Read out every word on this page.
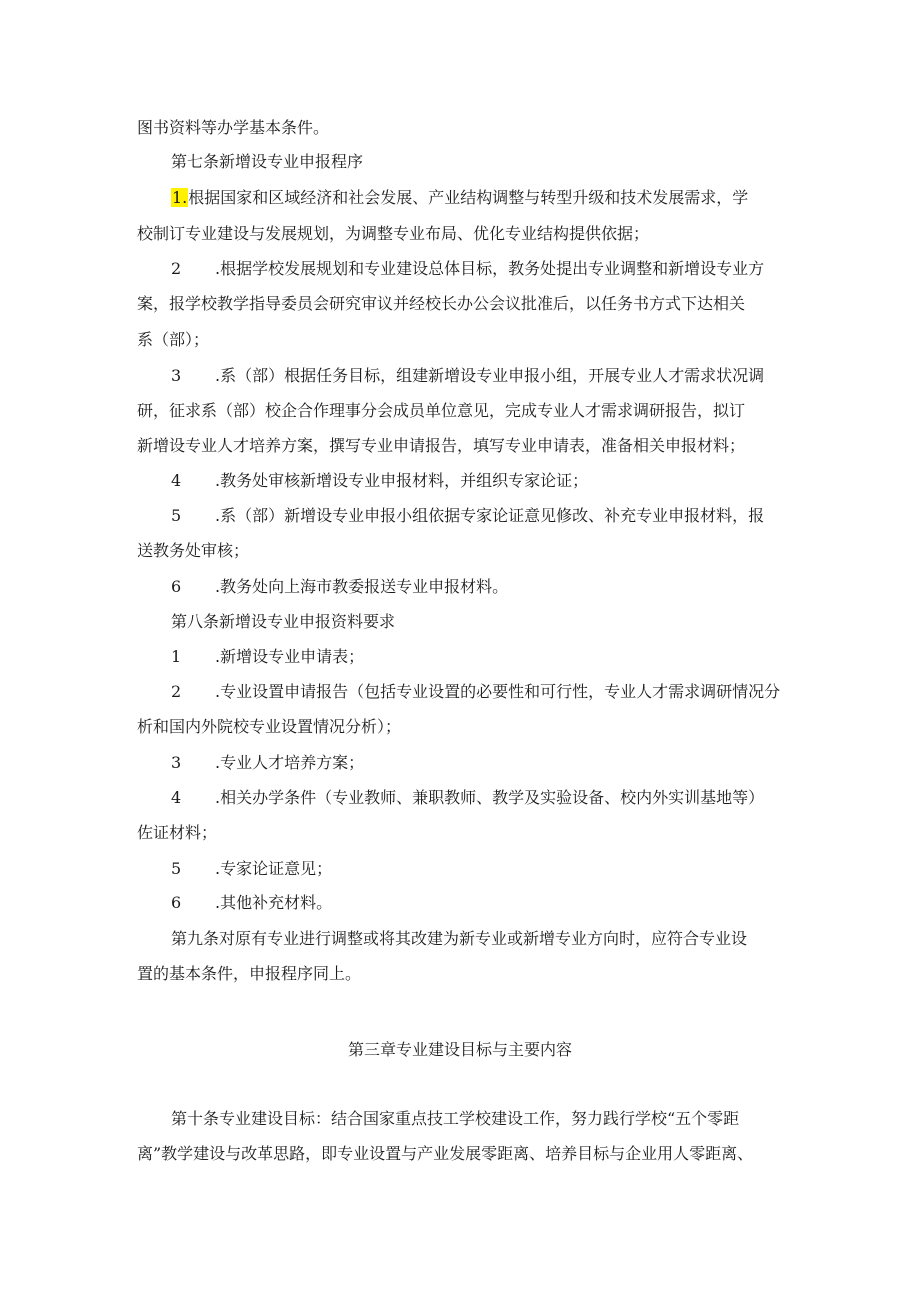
图书资料等办学基本条件。
第七条新增设专业申报程序
1.根据国家和区域经济和社会发展、产业结构调整与转型升级和技术发展需求，学
校制订专业建设与发展规划，为调整专业布局、优化专业结构提供依据；
2 .根据学校发展规划和专业建设总体目标，教务处提出专业调整和新增设专业方
案，报学校教学指导委员会研究审议并经校长办公会议批准后，以任务书方式下达相关
系（部）；
3 .系（部）根据任务目标，组建新增设专业申报小组，开展专业人才需求状况调
研，征求系（部）校企合作理事分会成员单位意见，完成专业人才需求调研报告，拟订
新增设专业人才培养方案，撰写专业申请报告，填写专业申请表，准备相关申报材料；
4 .教务处审核新增设专业申报材料，并组织专家论证；
5 .系（部）新增设专业申报小组依据专家论证意见修改、补充专业申报材料，报
送教务处审核；
6 .教务处向上海市教委报送专业申报材料。
第八条新增设专业申报资料要求
1 .新增设专业申请表；
2 .专业设置申请报告（包括专业设置的必要性和可行性，专业人才需求调研情况分
析和国内外院校专业设置情况分析）；
3 .专业人才培养方案；
4 .相关办学条件（专业教师、兼职教师、教学及实验设备、校内外实训基地等）
佐证材料；
5 .专家论证意见；
6 .其他补充材料。
第九条对原有专业进行调整或将其改建为新专业或新增专业方向时，应符合专业设
置的基本条件，申报程序同上。
第三章专业建设目标与主要内容
第十条专业建设目标：结合国家重点技工学校建设工作，努力践行学校“五个零距
离”教学建设与改革思路，即专业设置与产业发展零距离、培养目标与企业用人零距离、
